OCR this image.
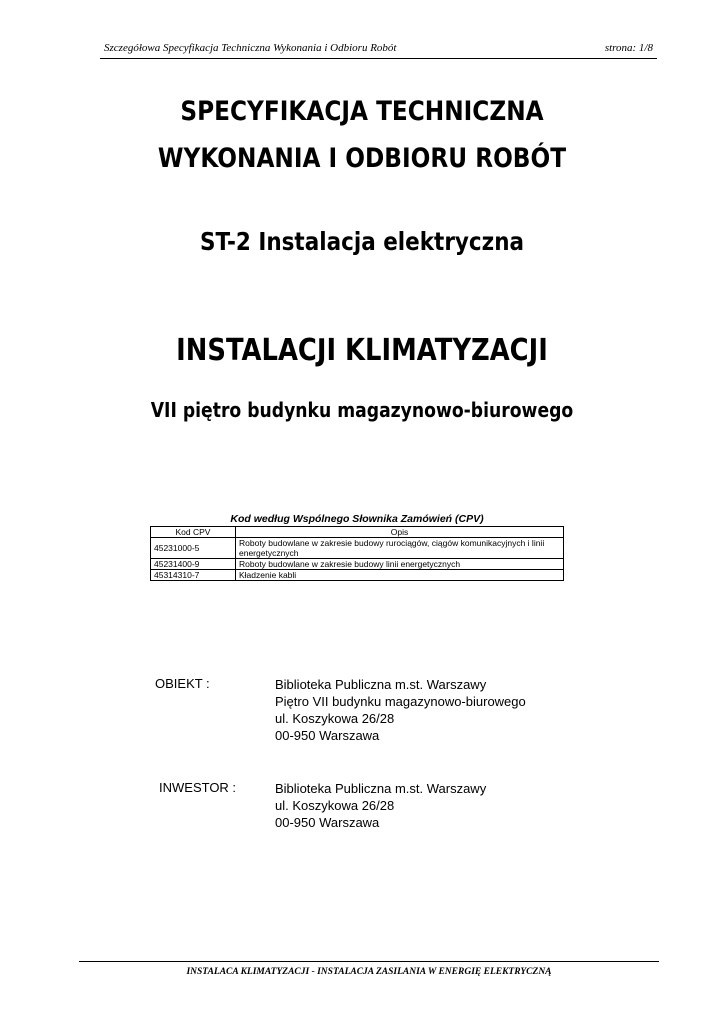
Szczegółowa Specyfikacja Techniczna Wykonania i Odbioru Robót	strona: 1/8
SPECYFIKACJA TECHNICZNA
WYKONANIA I ODBIORU ROBÓT
ST-2 Instalacja elektryczna
INSTALACJI KLIMATYZACJI
VII piętro budynku magazynowo-biurowego
Kod według Wspólnego Słownika Zamówień (CPV)
Kod CPV	Opis
45231000-5	Roboty budowlane w zakresie budowy rurociągów, ciągów komunikacyjnych i linii energetycznych
45231400-9	Roboty budowlane w zakresie budowy linii energetycznych
45314310-7	Kładzenie kabli
OBIEKT :	Biblioteka Publiczna m.st. Warszawy
Piętro VII budynku magazynowo-biurowego
ul. Koszykowa 26/28
00-950 Warszawa
INWESTOR :	Biblioteka Publiczna m.st. Warszawy
ul. Koszykowa 26/28
00-950 Warszawa
INSTALACA KLIMATYZACJI - INSTALACJA ZASILANIA W ENERGIĘ ELEKTRYCZNĄ
